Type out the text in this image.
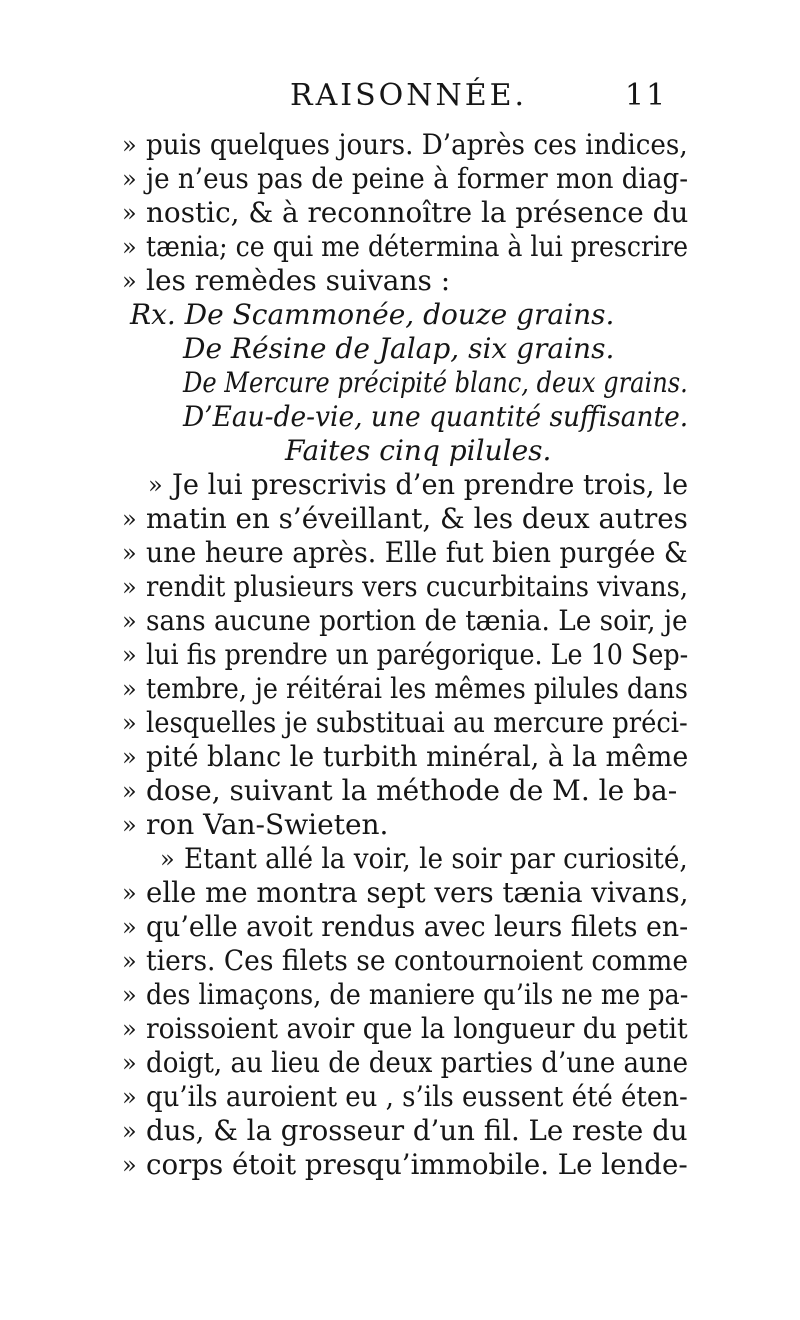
RAISONNÉE.	11
» puis quelques jours. D’après ces indices,
» je n’eus pas de peine à former mon diag-
» nostic, & à reconnoître la présence du
» tænia; ce qui me détermina à lui prescrire
» les remèdes suivans :
Rx. De Scammonée, douze grains.
De Résine de Jalap, six grains.
De Mercure précipité blanc, deux grains.
D’Eau-de-vie, une quantité suffisante.
Faites cinq pilules.
» Je lui prescrivis d’en prendre trois, le
» matin en s’éveillant, & les deux autres
» une heure après. Elle fut bien purgée &
» rendit plusieurs vers cucurbitains vivans,
» sans aucune portion de tænia. Le soir, je
» lui fis prendre un parégorique. Le 10 Sep-
» tembre, je réitérai les mêmes pilules dans
» lesquelles je substituai au mercure préci-
» pité blanc le turbith minéral, à la même
» dose, suivant la méthode de M. le ba-
» ron Van-Swieten.
» Etant allé la voir, le soir par curiosité,
» elle me montra sept vers tænia vivans,
» qu’elle avoit rendus avec leurs filets en-
» tiers. Ces filets se contournoient comme
» des limaçons, de maniere qu’ils ne me pa-
» roissoient avoir que la longueur du petit
» doigt, au lieu de deux parties d’une aune
» qu’ils auroient eu , s’ils eussent été éten-
» dus, & la grosseur d’un fil. Le reste du
» corps étoit presqu’immobile. Le lende-
